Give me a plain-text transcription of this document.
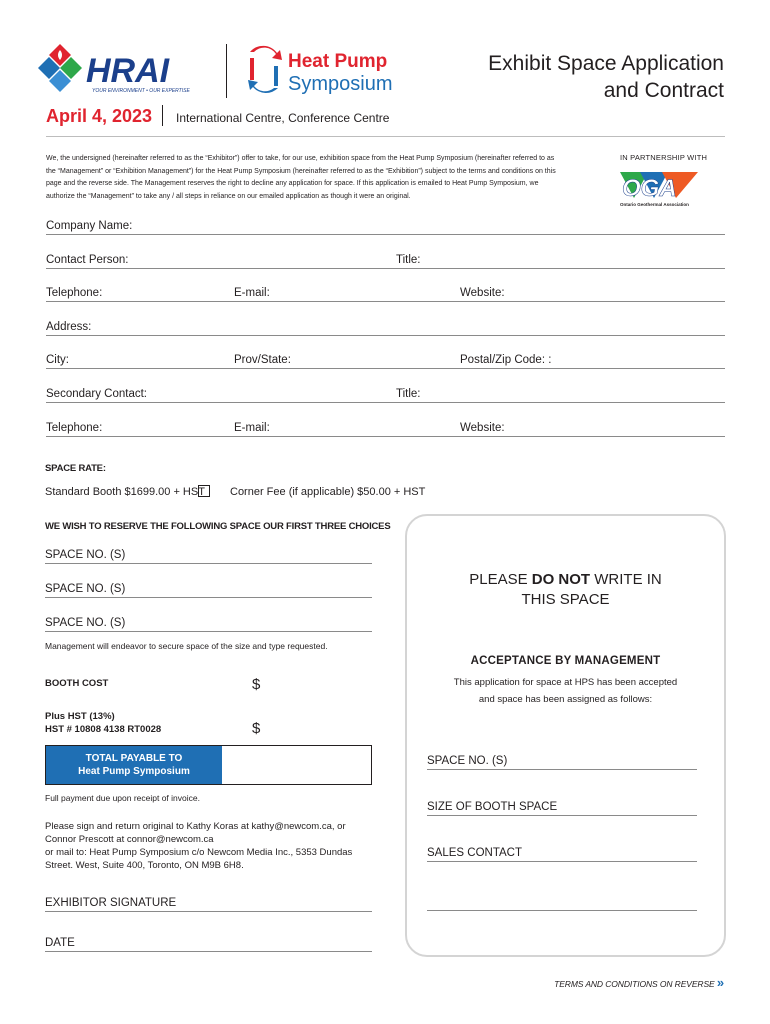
HRAI
YOUR ENVIRONMENT • OUR EXPERTISE
Heat Pump
Symposium
Exhibit Space Application
and Contract
April 4, 2023 International Centre, Conference Centre
We, the undersigned (hereinafter referred to as the “Exhibitor”) offer to take, for our use, exhibition space from the Heat Pump Symposium (hereinafter referred to as the “Management” or “Exhibition Management”) for the Heat Pump Symposium (hereinafter referred to as the “Exhibition”) subject to the terms and conditions on this page and the reverse side. The Management reserves the right to decline any application for space. If this application is emailed to Heat Pump Symposium, we authorize the “Management” to take any / all steps in reliance on our emailed application as though it were an original.
IN PARTNERSHIP WITH
OGA
Ontario Geothermal Association
Company Name:
Contact Person:	Title:
Telephone:	E-mail:	Website:
Address:
City:	Prov/State:	Postal/Zip Code: :
Secondary Contact:	Title:
Telephone:	E-mail:	Website:
SPACE RATE:
Standard Booth $1699.00 + HST Corner Fee (if applicable) $50.00 + HST
WE WISH TO RESERVE THE FOLLOWING SPACE OUR FIRST THREE CHOICES
SPACE NO. (S)
SPACE NO. (S)
SPACE NO. (S)
Management will endeavor to secure space of the size and type requested.
BOOTH COST	$
Plus HST (13%)
HST # 10808 4138 RT0028	$
TOTAL PAYABLE TO
Heat Pump Symposium
Full payment due upon receipt of invoice.
Please sign and return original to Kathy Koras at kathy@newcom.ca, or
Connor Prescott at connor@newcom.ca
or mail to: Heat Pump Symposium c/o Newcom Media Inc., 5353 Dundas
Street. West, Suite 400, Toronto, ON M9B 6H8.
EXHIBITOR SIGNATURE
DATE
PLEASE DO NOT WRITE IN
THIS SPACE
ACCEPTANCE BY MANAGEMENT
This application for space at HPS has been accepted
and space has been assigned as follows:
SPACE NO. (S)
SIZE OF BOOTH SPACE
SALES CONTACT
TERMS AND CONDITIONS ON REVERSE »
